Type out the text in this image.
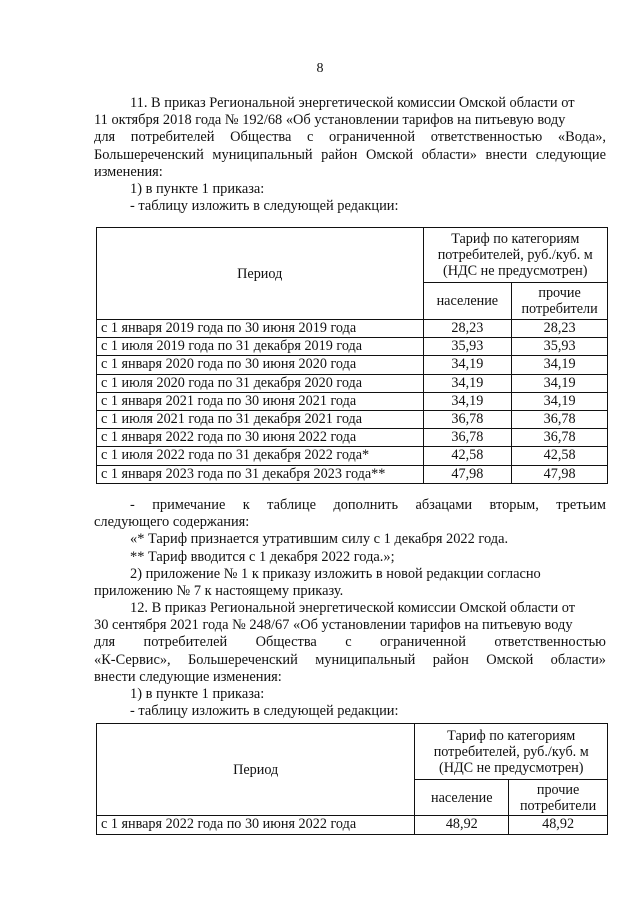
8

11. В приказ Региональной энергетической комиссии Омской области от

11 октября 2018 года № 192/68 «Об установлении тарифов на питьевую воду

для потребителей Общества с ограниченной ответственностью «Вода»,

Большереченский муниципальный район Омской области» внести следующие

изменения:

1) в пункте 1 приказа:

- таблицу изложить в следующей редакции:

Период	Тариф по категориям потребителей, руб./куб. м (НДС не предусмотрен)	
	население	прочие потребители
с 1 января 2019 года по 30 июня 2019 года	28,23	28,23
с 1 июля 2019 года по 31 декабря 2019 года	35,93	35,93
с 1 января 2020 года по 30 июня 2020 года	34,19	34,19
с 1 июля 2020 года по 31 декабря 2020 года	34,19	34,19
с 1 января 2021 года по 30 июня 2021 года	34,19	34,19
с 1 июля 2021 года по 31 декабря 2021 года	36,78	36,78
с 1 января 2022 года по 30 июня 2022 года	36,78	36,78
с 1 июля 2022 года по 31 декабря 2022 года*	42,58	42,58
с 1 января 2023 года по 31 декабря 2023 года**	47,98	47,98

- примечание к таблице дополнить абзацами вторым, третьим

следующего содержания:

«* Тариф признается утратившим силу с 1 декабря 2022 года.

** Тариф вводится с 1 декабря 2022 года.»;

2) приложение № 1 к приказу изложить в новой редакции согласно

приложению № 7 к настоящему приказу.

12. В приказ Региональной энергетической комиссии Омской области от

30 сентября 2021 года № 248/67 «Об установлении тарифов на питьевую воду

для потребителей Общества с ограниченной ответственностью

«К-Сервис», Большереченский муниципальный район Омской области»

внести следующие изменения:

1) в пункте 1 приказа:

- таблицу изложить в следующей редакции:

Период	Тариф по категориям потребителей, руб./куб. м (НДС не предусмотрен)	
	население	прочие потребители
с 1 января 2022 года по 30 июня 2022 года	48,92	48,92
